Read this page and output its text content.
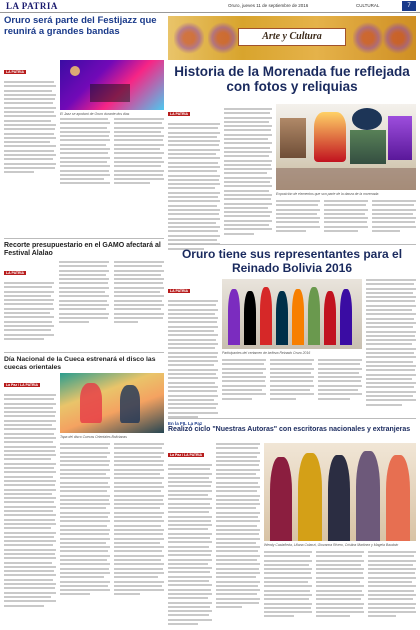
LA PATRIA	Oruro, jueves 11 de septiembre de 2016	CULTURAL	7
Oruro será parte del Festijazz que reunirá a grandes bandas
LA PATRIA
El Jazz se apodaró de Oruro durante dos días
Recorte presupuestario en el GAMO afectará al Festival Alalao
LA PATRIA
Día Nacional de la Cueca estrenará el disco las cuecas orientales
La Paz / LA PATRIA
Tapa del disco Cuecas Orientales Bolivianas
Arte y Cultura
Historia de la Morenada fue reflejada con fotos y reliquias
LA PATRIA
Exposición de elementos que son parte de la danza de la morenada
Oruro tiene sus representantes para el Reinado Bolivia 2016
LA PATRIA
Participantes del certamen de belleza Reinado Oruro 2016
En la FIL La Paz
Realizó ciclo "Nuestras Autoras" con escritoras nacionales y extranjeras
La Paz / LA PATRIA
Wendy Castañeda, Liliana Colanzi, Giovanna Rivero, Cristina Martinez y Magela Baudoin
